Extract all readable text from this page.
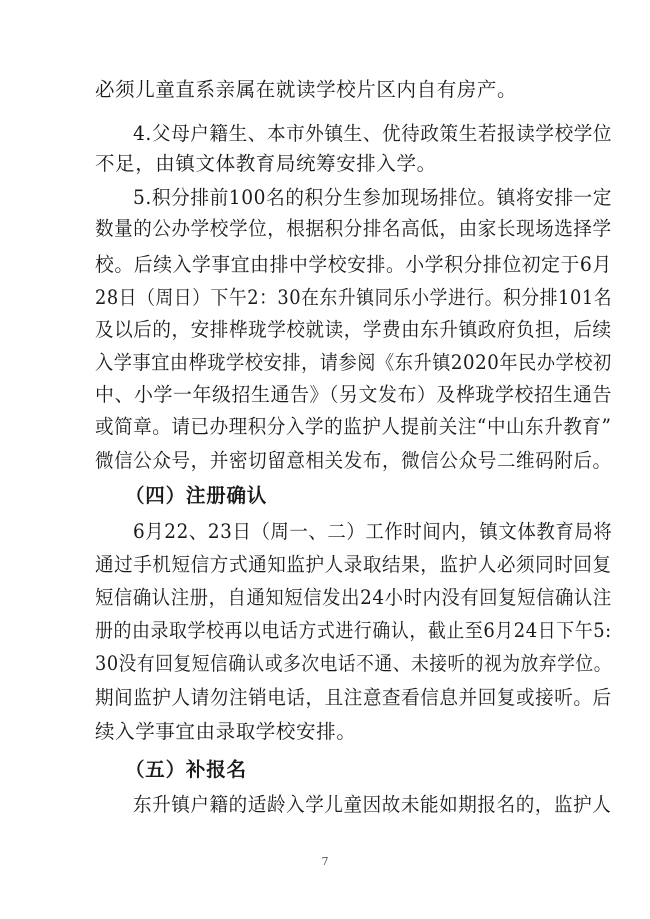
必须儿童直系亲属在就读学校片区内自有房产。
4.父母户籍生、本市外镇生、优待政策生若报读学校学位
不足，由镇文体教育局统筹安排入学。
5.积分排前100名的积分生参加现场排位。镇将安排一定
数量的公办学校学位，根据积分排名高低，由家长现场选择学
校。后续入学事宜由排中学校安排。小学积分排位初定于6月
28日（周日）下午2：30在东升镇同乐小学进行。积分排101名
及以后的，安排桦珑学校就读，学费由东升镇政府负担，后续
入学事宜由桦珑学校安排，请参阅《东升镇2020年民办学校初
中、小学一年级招生通告》（另文发布）及桦珑学校招生通告
或简章。请已办理积分入学的监护人提前关注“中山东升教育”
微信公众号，并密切留意相关发布，微信公众号二维码附后。
（四）注册确认
6月22、23日（周一、二）工作时间内，镇文体教育局将
通过手机短信方式通知监护人录取结果，监护人必须同时回复
短信确认注册，自通知短信发出24小时内没有回复短信确认注
册的由录取学校再以电话方式进行确认，截止至6月24日下午5:
30没有回复短信确认或多次电话不通、未接听的视为放弃学位。
期间监护人请勿注销电话，且注意查看信息并回复或接听。后
续入学事宜由录取学校安排。
（五）补报名
东升镇户籍的适龄入学儿童因故未能如期报名的，监护人
7
